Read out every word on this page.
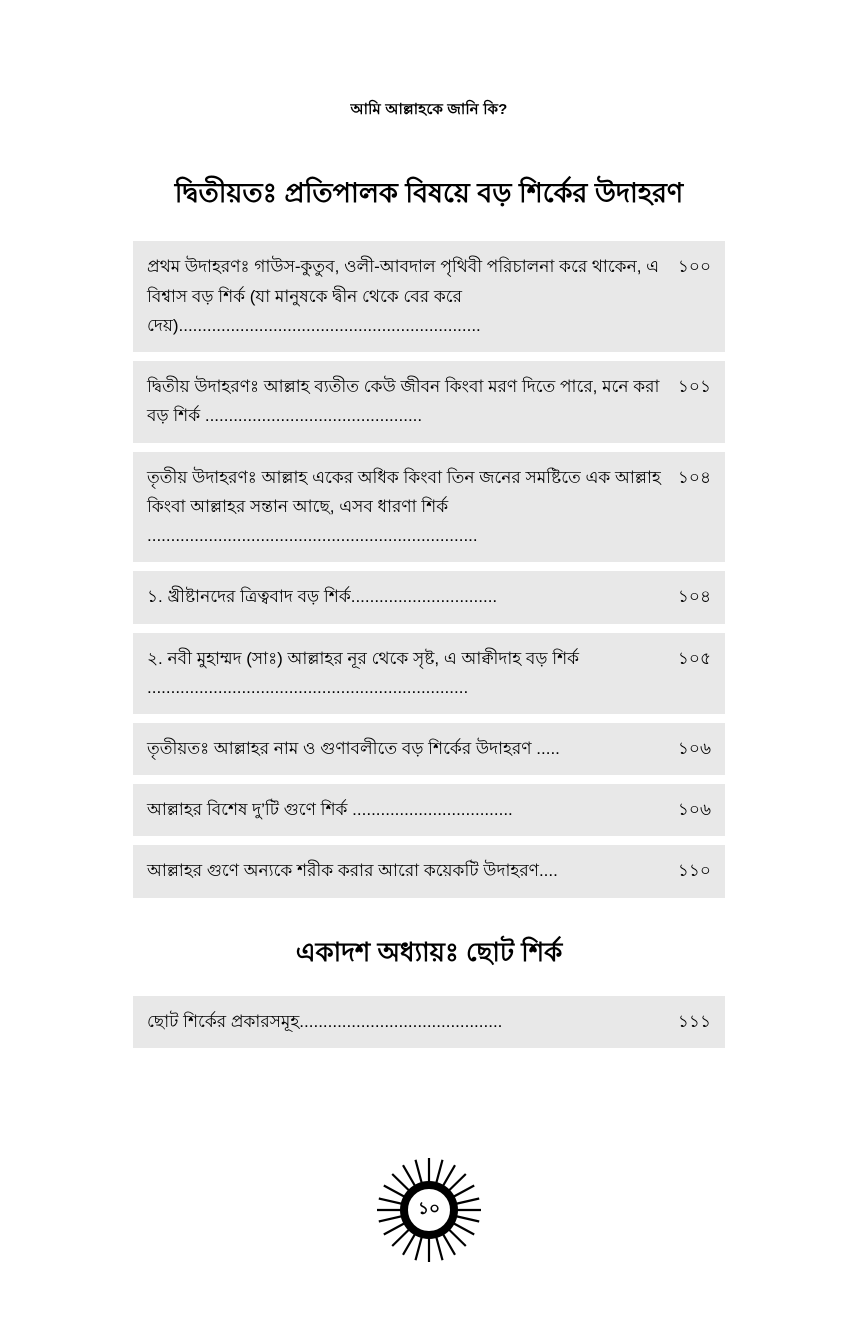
আমি আল্লাহকে জানি কি?
দ্বিতীয়তঃ প্রতিপালক বিষয়ে বড় শির্কের উদাহরণ
১০০
প্রথম উদাহরণঃ গাউস-কুতুব, ওলী-আবদাল পৃথিবী পরিচালনা করে থাকেন, এ বিশ্বাস বড় শির্ক (যা মানুষকে দ্বীন থেকে বের করে দেয়)................................................................
১০১
দ্বিতীয় উদাহরণঃ আল্লাহ ব্যতীত কেউ জীবন কিংবা মরণ দিতে পারে, মনে করা বড় শির্ক ..............................................
১০৪
তৃতীয় উদাহরণঃ আল্লাহ একের অধিক কিংবা তিন জনের সমষ্টিতে এক আল্লাহ কিংবা আল্লাহর সন্তান আছে, এসব ধারণা শির্ক ......................................................................
১০৪
১. খ্রীষ্টানদের ত্রিত্ববাদ বড় শির্ক...............................
১০৫
২. নবী মুহাম্মদ (সাঃ) আল্লাহর নূর থেকে সৃষ্ট, এ আক্বীদাহ বড় শির্ক ....................................................................
১০৬
তৃতীয়তঃ আল্লাহর নাম ও গুণাবলীতে বড় শির্কের উদাহরণ .....
১০৬
আল্লাহর বিশেষ দু’টি গুণে শির্ক ..................................
১১০
আল্লাহর গুণে অন্যকে শরীক করার আরো কয়েকটি উদাহরণ....
একাদশ অধ্যায়ঃ ছোট শির্ক
১১১
ছোট শির্কের প্রকারসমূহ...........................................
১০
